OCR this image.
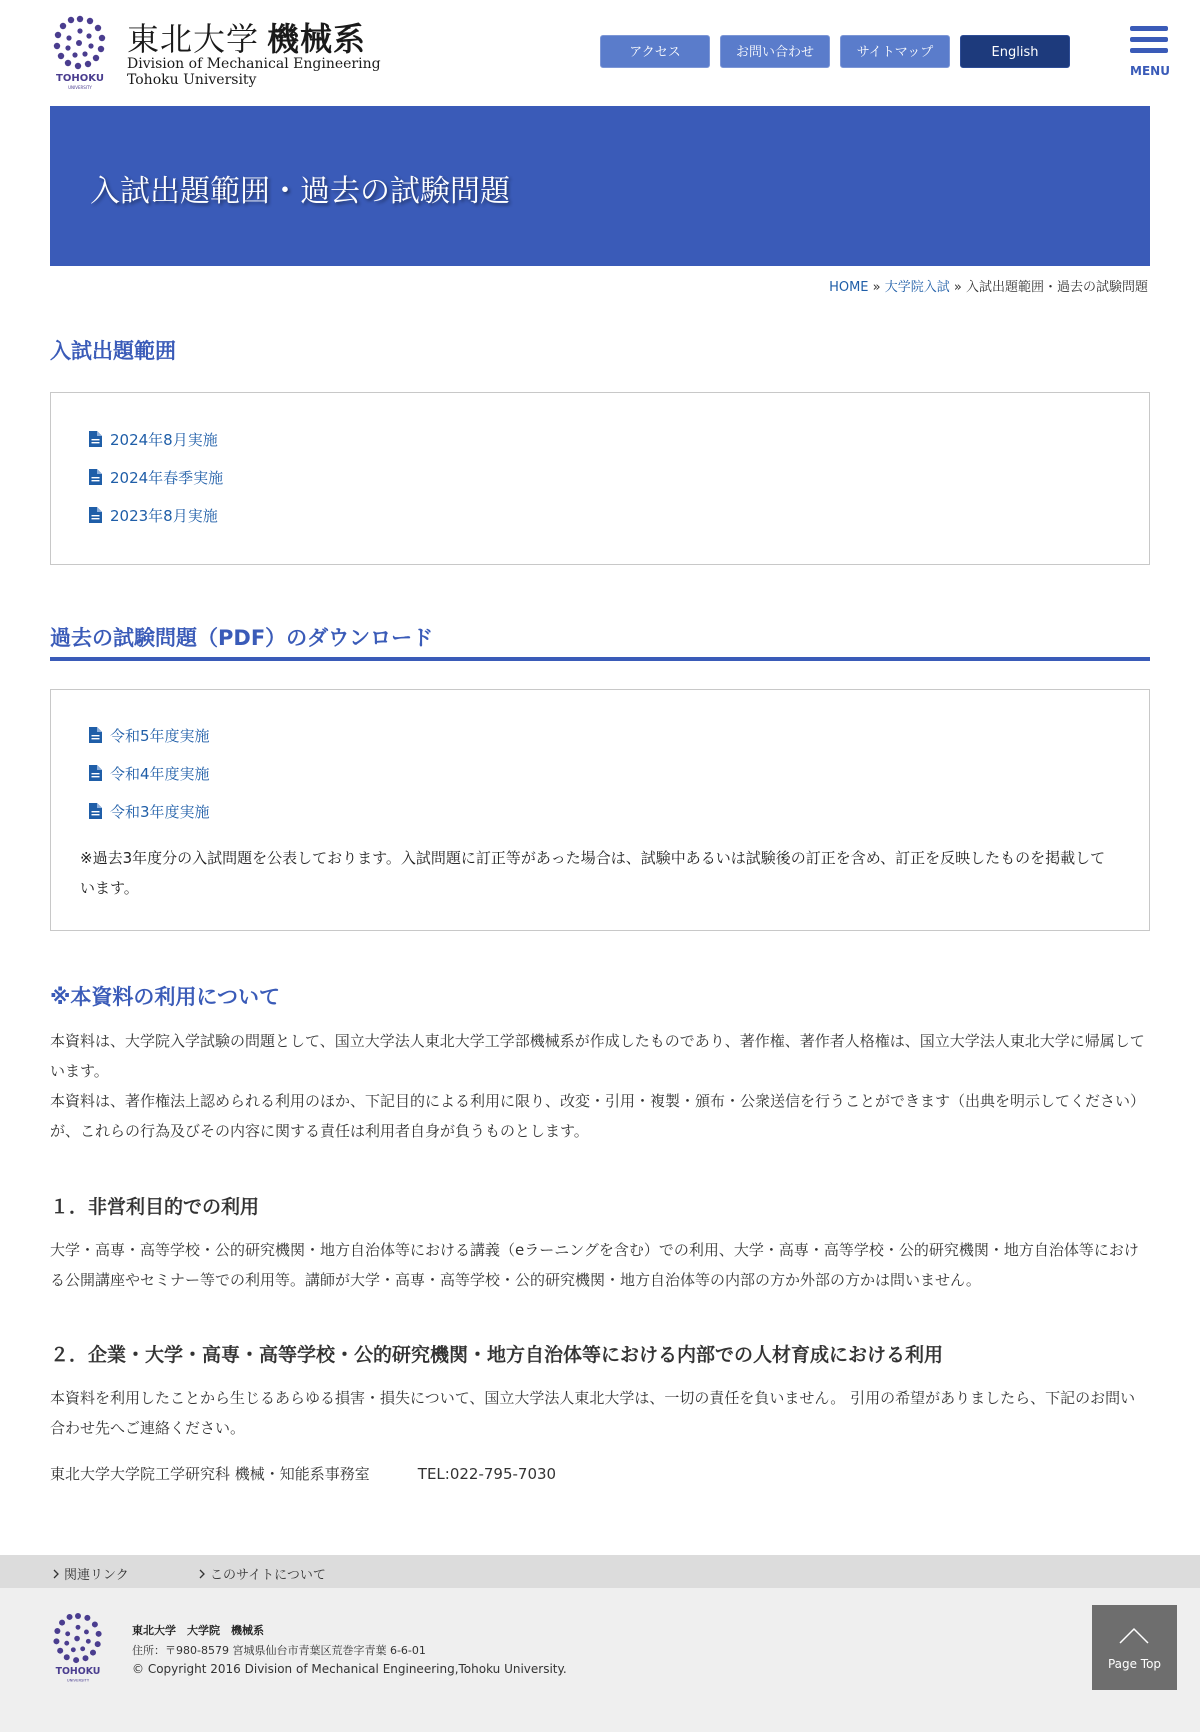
TOHOKU
UNIVERSITY
東北大学 機械系
Division of Mechanical Engineering
Tohoku University
アクセス	お問い合わせ	サイトマップ	English
MENU
入試出題範囲・過去の試験問題
HOME » 大学院入試 » 入試出題範囲・過去の試験問題
入試出題範囲
2024年8月実施
2024年春季実施
2023年8月実施
過去の試験問題（PDF）のダウンロード
令和5年度実施
令和4年度実施
令和3年度実施
※過去3年度分の入試問題を公表しております。入試問題に訂正等があった場合は、試験中あるいは試験後の訂正を含め、訂正を反映したものを掲載しています。
※本資料の利用について
本資料は、大学院入学試験の問題として、国立大学法人東北大学工学部機械系が作成したものであり、著作権、著作者人格権は、国立大学法人東北大学に帰属しています。
本資料は、著作権法上認められる利用のほか、下記目的による利用に限り、改変・引用・複製・頒布・公衆送信を行うことができます（出典を明示してください）が、これらの行為及びその内容に関する責任は利用者自身が負うものとします。
１．非営利目的での利用
大学・高専・高等学校・公的研究機関・地方自治体等における講義（eラーニングを含む）での利用、大学・高専・高等学校・公的研究機関・地方自治体等における公開講座やセミナー等での利用等。講師が大学・高専・高等学校・公的研究機関・地方自治体等の内部の方か外部の方かは問いません。
２．企業・大学・高専・高等学校・公的研究機関・地方自治体等における内部での人材育成における利用
本資料を利用したことから生じるあらゆる損害・損失について、国立大学法人東北大学は、一切の責任を負いません。 引用の希望がありましたら、下記のお問い合わせ先へご連絡ください。
東北大学大学院工学研究科 機械・知能系事務室	TEL:022-795-7030
関連リンク	このサイトについて
TOHOKU
UNIVERSITY
東北大学　大学院　機械系
住所：〒980-8579 宮城県仙台市青葉区荒巻字青葉 6-6-01
© Copyright 2016 Division of Mechanical Engineering,Tohoku University.	Page Top
